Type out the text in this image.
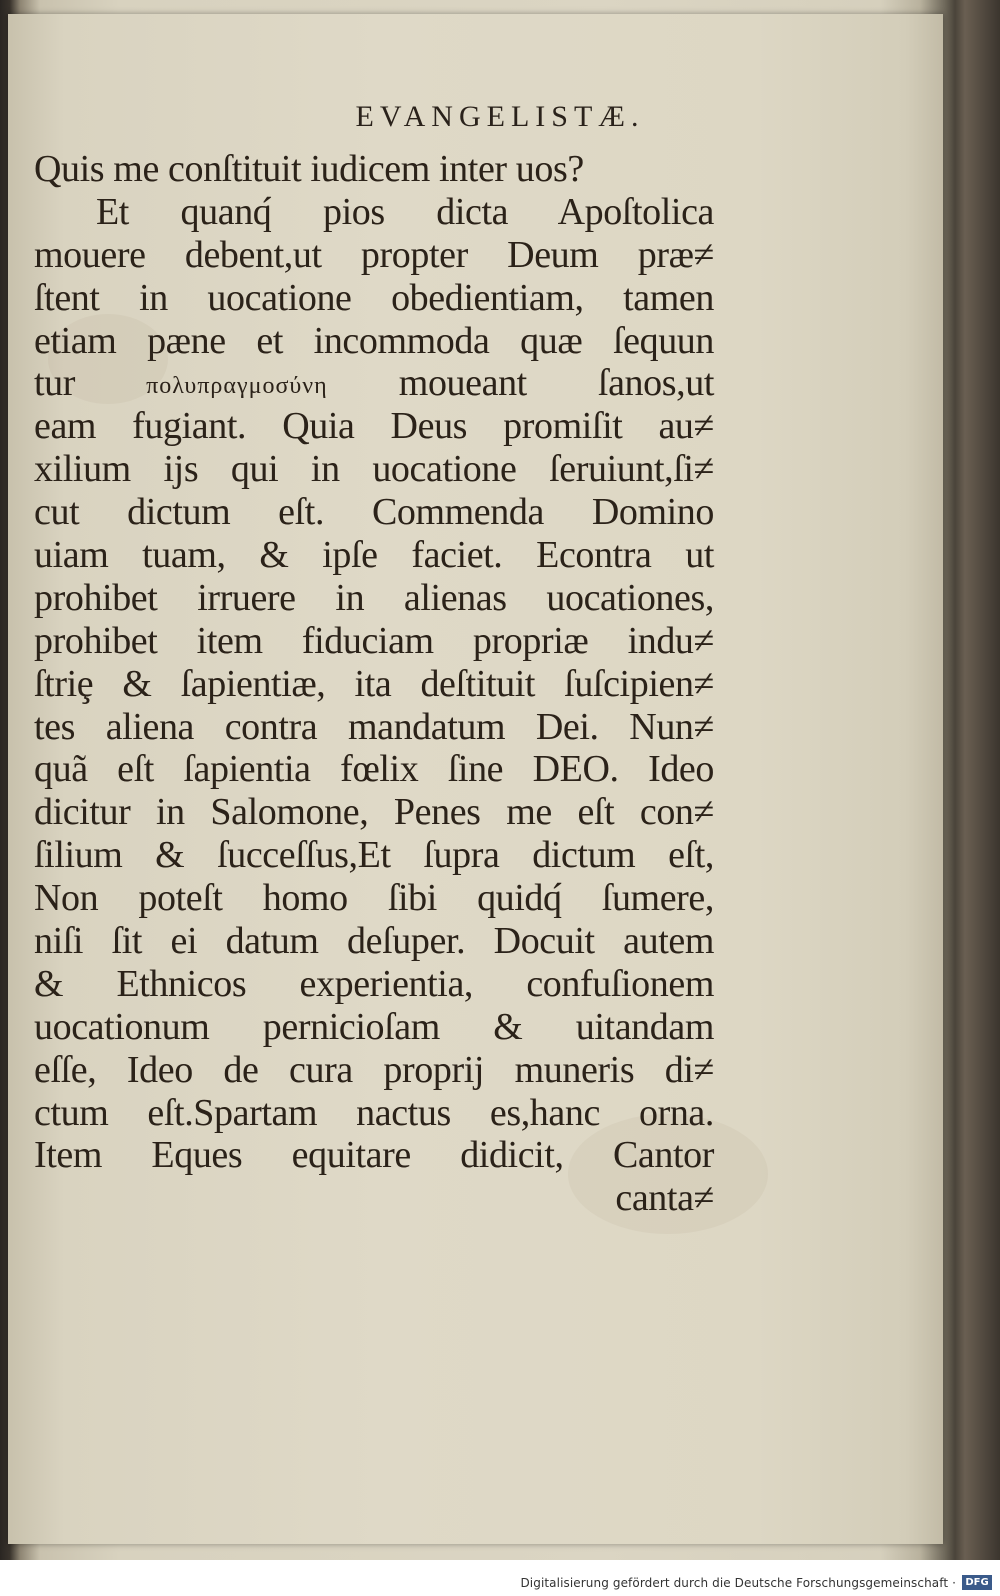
EVANGELISTÆ.
Quis me conſtituit iudicem inter uos?
Et quanq́ pios dicta Apoſtolica
mouere debent,ut propter Deum præ≠
ſtent in uocatione obedientiam, tamen
etiam pæne et incommoda quæ ſequun
tur	πολυπραγμοσύνη moueant ſanos,ut
eam fugiant. Quia Deus promiſit au≠
xilium ijs qui in uocatione ſeruiunt,ſi≠
cut dictum eſt. Commenda Domino
uiam tuam, & ipſe faciet. Econtra ut
prohibet irruere in alienas uocationes,
prohibet item fiduciam propriæ indu≠
ſtriȩ & ſapientiæ, ita deſtituit ſuſcipien≠
tes aliena contra mandatum Dei. Nun≠
quã eſt ſapientia fœlix ſine DEO. Ideo
dicitur in Salomone, Penes me eſt con≠
ſilium & ſucceſſus,Et ſupra dictum eſt,
Non poteſt homo ſibi quidq́ ſumere,
niſi ſit ei datum deſuper. Docuit autem
& Ethnicos experientia, confuſionem
uocationum pernicioſam & uitandam
eſſe, Ideo de cura proprij muneris di≠
ctum eſt.Spartam nactus es,hanc orna.
Item Eques equitare didicit, Cantor
canta≠
Digitalisierung gefördert durch die Deutsche Forschungsgemeinschaft · DFG
